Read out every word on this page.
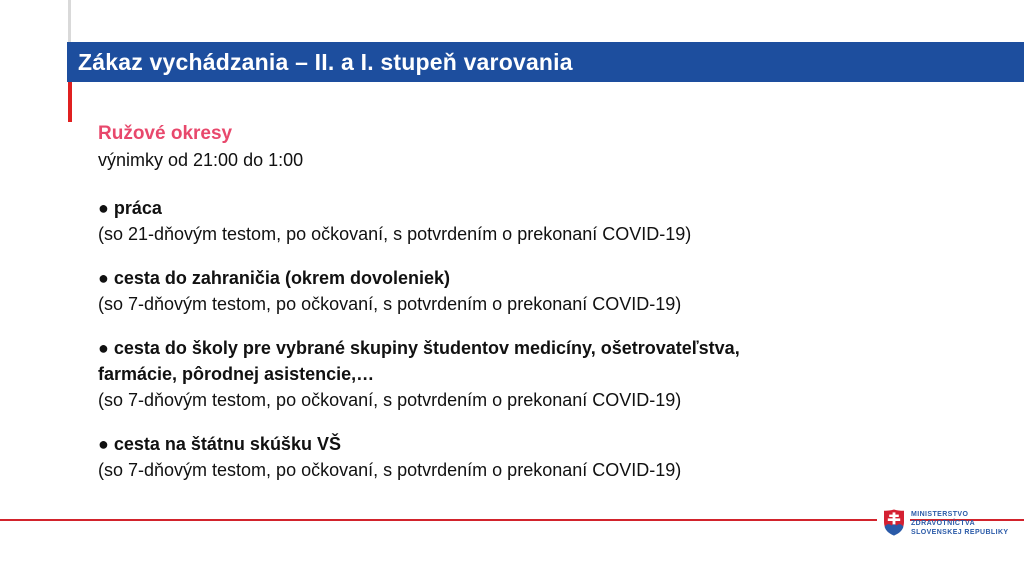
Zákaz vychádzania – II. a I. stupeň varovania
Ružové okresy

výnimky od 21:00 do 1:00

● práca

(so 21-dňovým testom, po očkovaní, s potvrdením o prekonaní COVID-19)

● cesta do zahraničia (okrem dovoleniek)

(so 7-dňovým testom, po očkovaní, s potvrdením o prekonaní COVID-19)

● cesta do školy pre vybrané skupiny študentov medicíny, ošetrovateľstva,

farmácie, pôrodnej asistencie,…

(so 7-dňovým testom, po očkovaní, s potvrdením o prekonaní COVID-19)

● cesta na štátnu skúšku VŠ

(so 7-dňovým testom, po očkovaní, s potvrdením o prekonaní COVID-19)

MINISTERSTVO
ZDRAVOTNÍCTVA
SLOVENSKEJ REPUBLIKY
